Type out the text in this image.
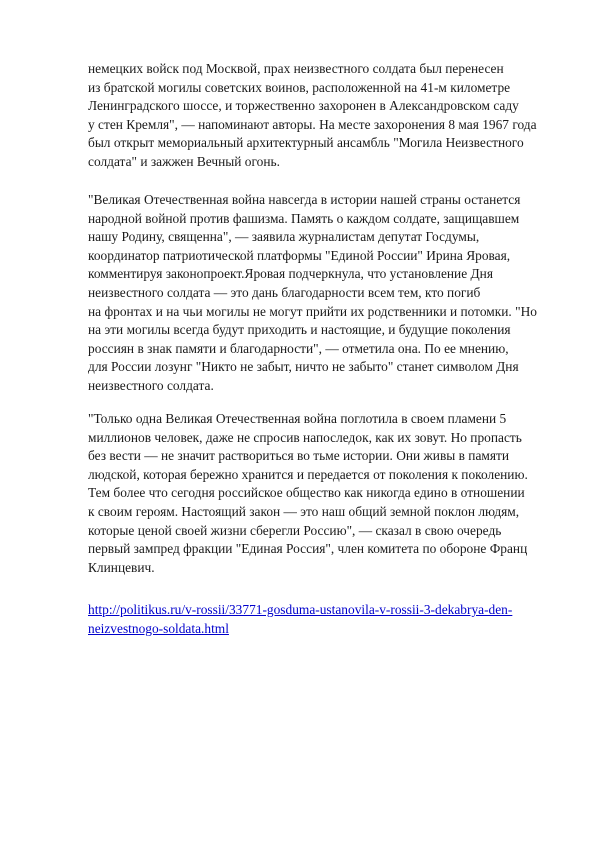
немецких войск под Москвой, прах неизвестного солдата был перенесен
из братской могилы советских воинов, расположенной на 41-м километре
Ленинградского шоссе, и торжественно захоронен в Александровском саду
у стен Кремля", — напоминают авторы. На месте захоронения 8 мая 1967 года
был открыт мемориальный архитектурный ансамбль "Могила Неизвестного
солдата" и зажжен Вечный огонь.
"Великая Отечественная война навсегда в истории нашей страны останется
народной войной против фашизма. Память о каждом солдате, защищавшем
нашу Родину, священна", — заявила журналистам депутат Госдумы,
координатор патриотической платформы "Единой России" Ирина Яровая,
комментируя законопроект.Яровая подчеркнула, что установление Дня
неизвестного солдата — это дань благодарности всем тем, кто погиб
на фронтах и на чьи могилы не могут прийти их родственники и потомки. "Но
на эти могилы всегда будут приходить и настоящие, и будущие поколения
россиян в знак памяти и благодарности", — отметила она. По ее мнению,
для России лозунг "Никто не забыт, ничто не забыто" станет символом Дня
неизвестного солдата.
"Только одна Великая Отечественная война поглотила в своем пламени 5
миллионов человек, даже не спросив напоследок, как их зовут. Но пропасть
без вести — не значит раствориться во тьме истории. Они живы в памяти
людской, которая бережно хранится и передается от поколения к поколению.
Тем более что сегодня российское общество как никогда едино в отношении
к своим героям. Настоящий закон — это наш общий земной поклон людям,
которые ценой своей жизни сберегли Россию", — сказал в свою очередь
первый зампред фракции "Единая Россия", член комитета по обороне Франц
Клинцевич.
http://politikus.ru/v-rossii/33771-gosduma-ustanovila-v-rossii-3-dekabrya-den-
neizvestnogo-soldata.html
